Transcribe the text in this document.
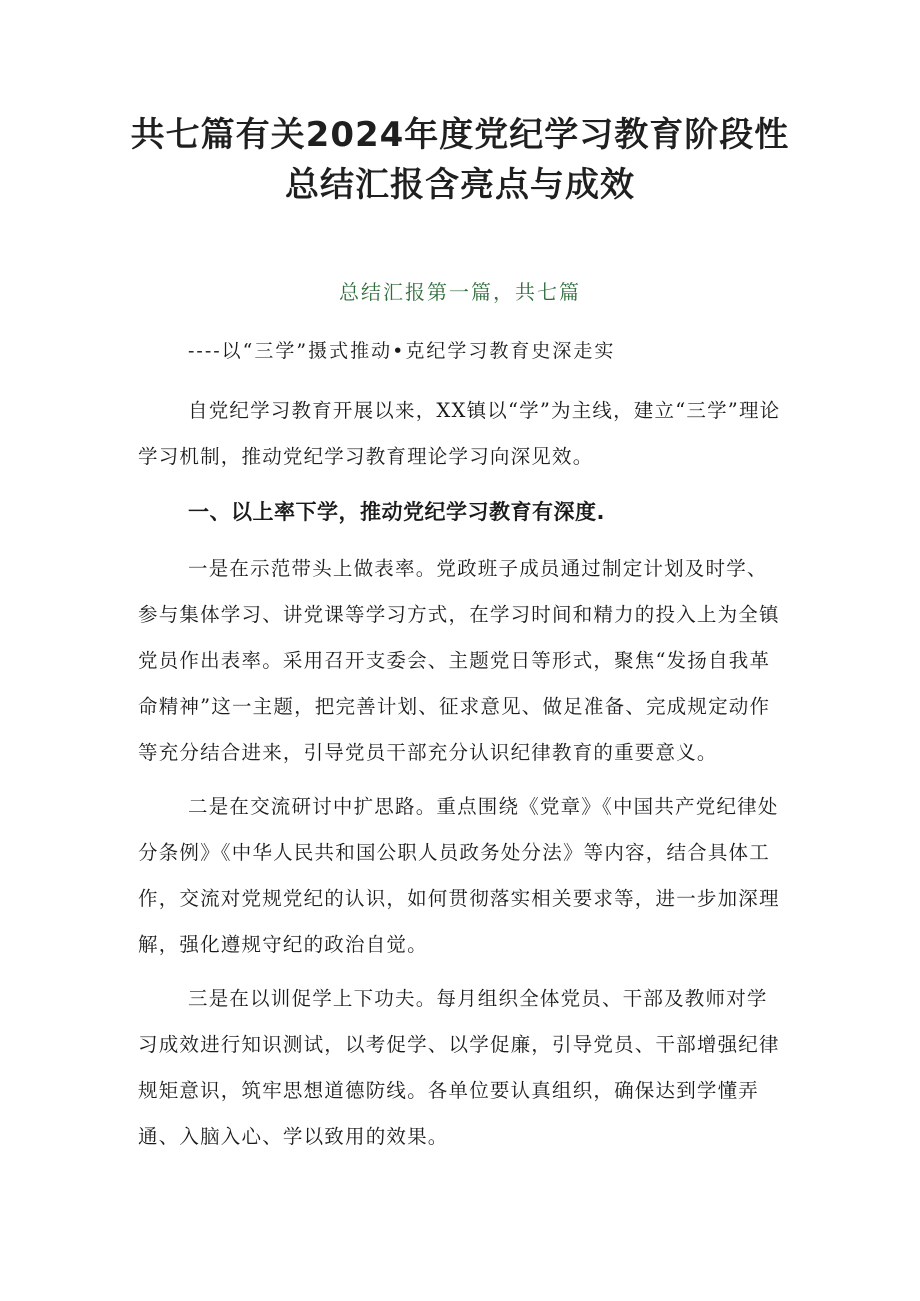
共七篇有关2024年度党纪学习教育阶段性
总结汇报含亮点与成效
总结汇报第一篇，共七篇
----以“三学”摄式推动•克纪学习教育史深走实

自党纪学习教育开展以来，XX镇以“学”为主线，建立“三学”理论学习机制，推动党纪学习教育理论学习向深见效。

一、以上率下学，推动党纪学习教育有深度.

一是在示范带头上做表率。党政班子成员通过制定计划及时学、参与集体学习、讲党课等学习方式，在学习时间和精力的投入上为全镇党员作出表率。采用召开支委会、主题党日等形式，聚焦“发扬自我革命精神”这一主题，把完善计划、征求意见、做足准备、完成规定动作等充分结合进来，引导党员干部充分认识纪律教育的重要意义。

二是在交流研讨中扩思路。重点围绕《党章》《中国共产党纪律处分条例》《中华人民共和国公职人员政务处分法》等内容，结合具体工作，交流对党规党纪的认识，如何贯彻落实相关要求等，进一步加深理解，强化遵规守纪的政治自觉。

三是在以训促学上下功夫。每月组织全体党员、干部及教师对学习成效进行知识测试，以考促学、以学促廉，引导党员、干部增强纪律规矩意识，筑牢思想道德防线。各单位要认真组织，确保达到学懂弄通、入脑入心、学以致用的效果。
